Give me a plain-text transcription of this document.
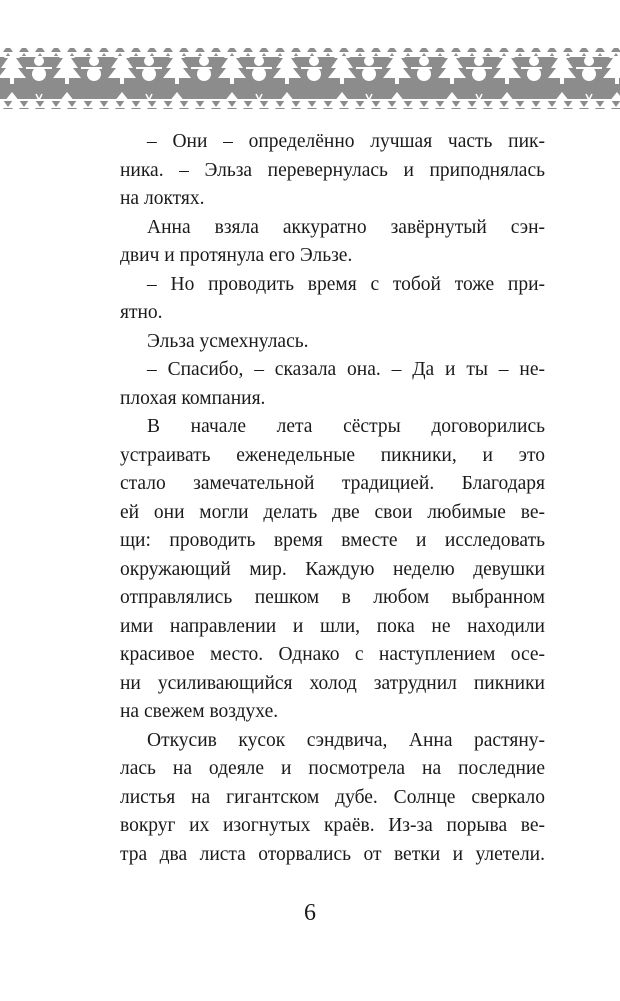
– Они – определённо лучшая часть пик-
ника. – Эльза перевернулась и приподнялась
на локтях.
Анна взяла аккуратно завёрнутый сэн-
двич и протянула его Эльзе.
– Но проводить время с тобой тоже при-
ятно.
Эльза усмехнулась.
– Спасибо, – сказала она. – Да и ты – не-
плохая компания.
В начале лета сёстры договорились
устраивать еженедельные пикники, и это
стало замечательной традицией. Благодаря
ей они могли делать две свои любимые ве-
щи: проводить время вместе и исследовать
окружающий мир. Каждую неделю девушки
отправлялись пешком в любом выбранном
ими направлении и шли, пока не находили
красивое место. Однако с наступлением осе-
ни усиливающийся холод затруднил пикники
на свежем воздухе.
Откусив кусок сэндвича, Анна растяну-
лась на одеяле и посмотрела на последние
листья на гигантском дубе. Солнце сверкало
вокруг их изогнутых краёв. Из-за порыва ве-
тра два листа оторвались от ветки и улетели.
6
